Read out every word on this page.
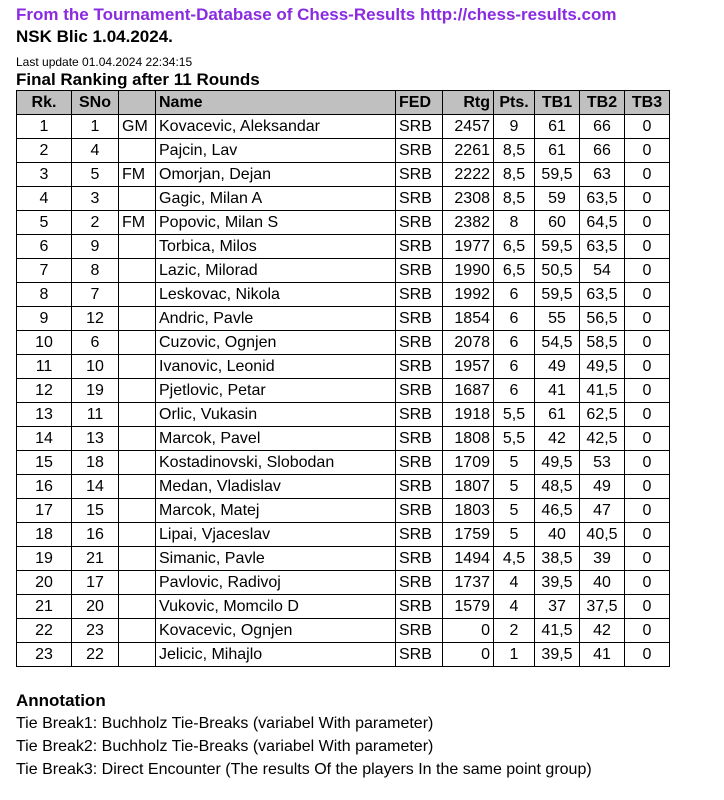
From the Tournament-Database of Chess-Results http://chess-results.com

NSK Blic 1.04.2024.

Last update 01.04.2024 22:34:15

Final Ranking after 11 Rounds

Rk.	SNo		Name	FED	Rtg	Pts.	TB1	TB2	TB3
1	1	GM	Kovacevic, Aleksandar	SRB	2457	9	61	66	0
2	4		Pajcin, Lav	SRB	2261	8,5	61	66	0
3	5	FM	Omorjan, Dejan	SRB	2222	8,5	59,5	63	0
4	3		Gagic, Milan A	SRB	2308	8,5	59	63,5	0
5	2	FM	Popovic, Milan S	SRB	2382	8	60	64,5	0
6	9		Torbica, Milos	SRB	1977	6,5	59,5	63,5	0
7	8		Lazic, Milorad	SRB	1990	6,5	50,5	54	0
8	7		Leskovac, Nikola	SRB	1992	6	59,5	63,5	0
9	12		Andric, Pavle	SRB	1854	6	55	56,5	0
10	6		Cuzovic, Ognjen	SRB	2078	6	54,5	58,5	0
11	10		Ivanovic, Leonid	SRB	1957	6	49	49,5	0
12	19		Pjetlovic, Petar	SRB	1687	6	41	41,5	0
13	11		Orlic, Vukasin	SRB	1918	5,5	61	62,5	0
14	13		Marcok, Pavel	SRB	1808	5,5	42	42,5	0
15	18		Kostadinovski, Slobodan	SRB	1709	5	49,5	53	0
16	14		Medan, Vladislav	SRB	1807	5	48,5	49	0
17	15		Marcok, Matej	SRB	1803	5	46,5	47	0
18	16		Lipai, Vjaceslav	SRB	1759	5	40	40,5	0
19	21		Simanic, Pavle	SRB	1494	4,5	38,5	39	0
20	17		Pavlovic, Radivoj	SRB	1737	4	39,5	40	0
21	20		Vukovic, Momcilo D	SRB	1579	4	37	37,5	0
22	23		Kovacevic, Ognjen	SRB	0	2	41,5	42	0
23	22		Jelicic, Mihajlo	SRB	0	1	39,5	41	0

Annotation

Tie Break1: Buchholz Tie-Breaks (variabel With parameter)

Tie Break2: Buchholz Tie-Breaks (variabel With parameter)

Tie Break3: Direct Encounter (The results Of the players In the same point group)
